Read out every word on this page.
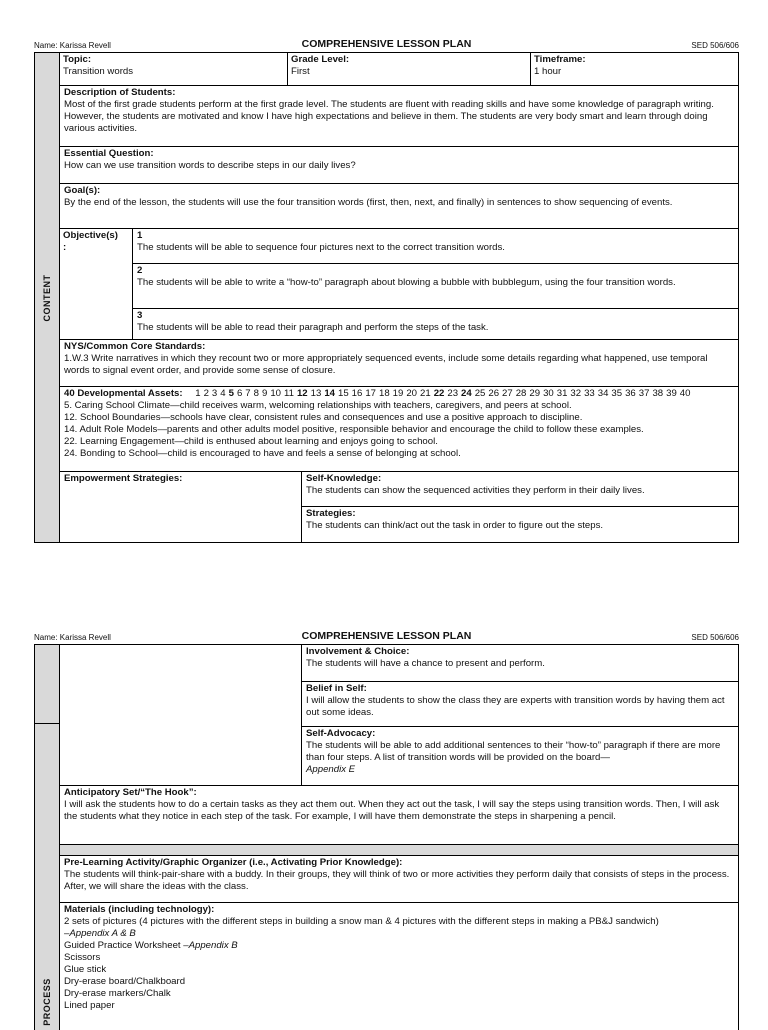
Name: Karissa Revell	COMPREHENSIVE LESSON PLAN	SED 506/606
CONTENT
Topic:
Transition words
Grade Level:
First
Timeframe:
1 hour
Description of Students:
Most of the first grade students perform at the first grade level. The students are fluent with reading skills and have some knowledge of paragraph writing. However, the students are motivated and know I have high expectations and believe in them. The students are very body smart and learn through doing various activities.
Essential Question:
How can we use transition words to describe steps in our daily lives?
Goal(s):
By the end of the lesson, the students will use the four transition words (first, then, next, and finally) in sentences to show sequencing of events.
Objective(s)
:
1
The students will be able to sequence four pictures next to the correct transition words.
2
The students will be able to write a “how-to” paragraph about blowing a bubble with bubblegum, using the four transition words.
3
The students will be able to read their paragraph and perform the steps of the task.
NYS/Common Core Standards:
1.W.3 Write narratives in which they recount two or more appropriately sequenced events, include some details regarding what happened, use temporal words to signal event order, and provide some sense of closure.
40 Developmental Assets: 1 2 3 4 5 6 7 8 9 10 11 12 13 14 15 16 17 18 19 20 21 22 23 24 25 26 27 28 29 30 31 32 33 34 35 36 37 38 39 40
5. Caring School Climate—child receives warm, welcoming relationships with teachers, caregivers, and peers at school.
12. School Boundaries—schools have clear, consistent rules and consequences and use a positive approach to discipline.
14. Adult Role Models—parents and other adults model positive, responsible behavior and encourage the child to follow these examples.
22. Learning Engagement—child is enthused about learning and enjoys going to school.
24. Bonding to School—child is encouraged to have and feels a sense of belonging at school.
Empowerment Strategies:	Self-Knowledge:
The students can show the sequenced activities they perform in their daily lives.
Strategies:
The students can think/act out the task in order to figure out the steps.
Name: Karissa Revell	COMPREHENSIVE LESSON PLAN	SED 506/606
PROCESS
Involvement & Choice:
The students will have a chance to present and perform.
Belief in Self:
I will allow the students to show the class they are experts with transition words by having them act out some ideas.
Self-Advocacy:
The students will be able to add additional sentences to their “how-to” paragraph if there are more than four steps. A list of transition words will be provided on the board—
Appendix E
Anticipatory Set/“The Hook”:
I will ask the students how to do a certain tasks as they act them out. When they act out the task, I will say the steps using transition words. Then, I will ask the students what they notice in each step of the task. For example, I will have them demonstrate the steps in sharpening a pencil.
Pre-Learning Activity/Graphic Organizer (i.e., Activating Prior Knowledge):
The students will think-pair-share with a buddy. In their groups, they will think of two or more activities they perform daily that consists of steps in the process. After, we will share the ideas with the class.
Materials (including technology):
2 sets of pictures (4 pictures with the different steps in building a snow man & 4 pictures with the different steps in making a PB&J sandwich)
–Appendix A & B
Guided Practice Worksheet –Appendix B
Scissors
Glue stick
Dry-erase board/Chalkboard
Dry-erase markers/Chalk
Lined paper
